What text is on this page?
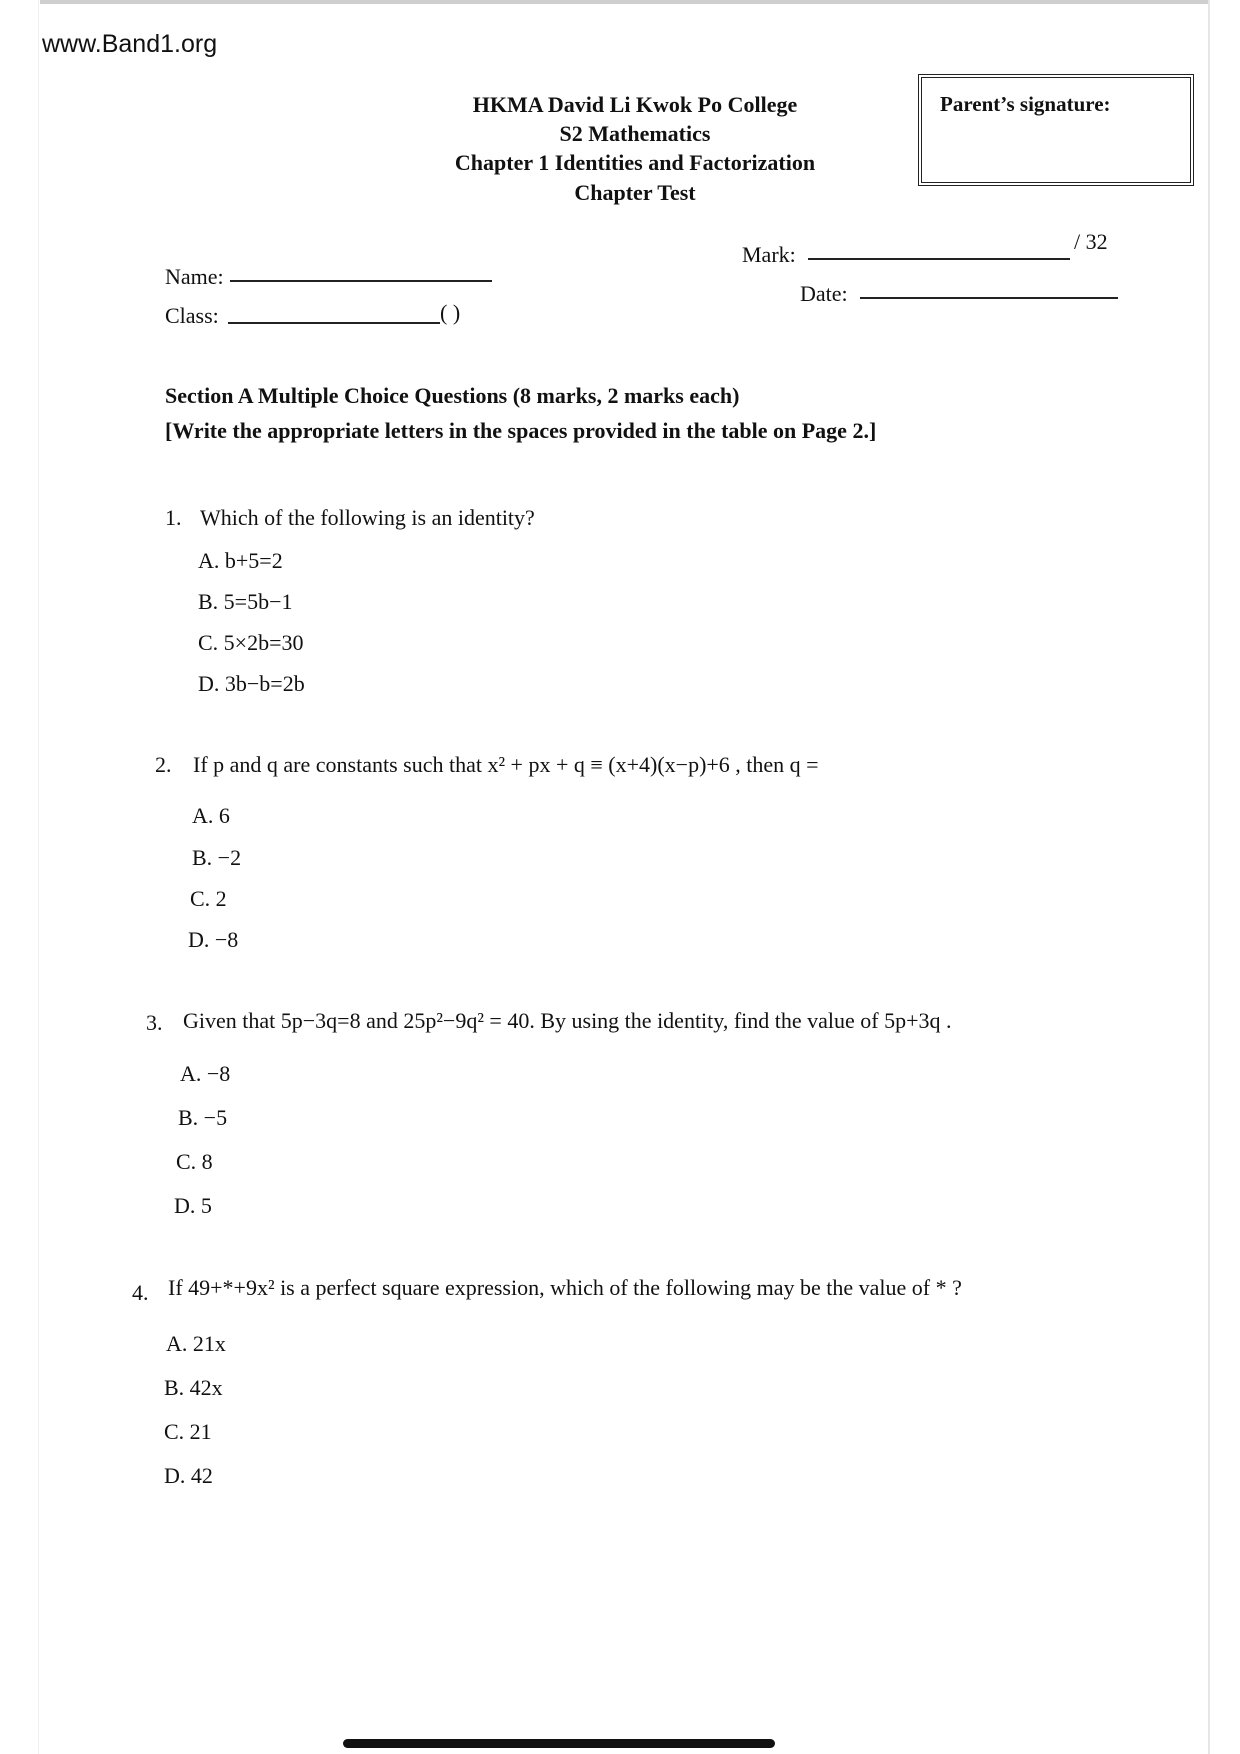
www.Band1.org
HKMA David Li Kwok Po College
S2 Mathematics
Chapter 1 Identities and Factorization
Chapter Test
Parent’s signature:
Mark:
/ 32
Name:
Date:
Class:	( )
Section A Multiple Choice Questions (8 marks, 2 marks each)
[Write the appropriate letters in the spaces provided in the table on Page 2.]
1. Which of the following is an identity?
A. b+5=2
B. 5=5b−1
C. 5×2b=30
D. 3b−b=2b
2. If p and q are constants such that x² + px + q ≡ (x+4)(x−p)+6 , then q =
A. 6
B. −2
C. 2
D. −8
3. Given that 5p−3q=8 and 25p²−9q² = 40. By using the identity, find the value of 5p+3q .
A. −8
B. −5
C. 8
D. 5
4. If 49+*+9x² is a perfect square expression, which of the following may be the value of * ?
A. 21x
B. 42x
C. 21
D. 42
